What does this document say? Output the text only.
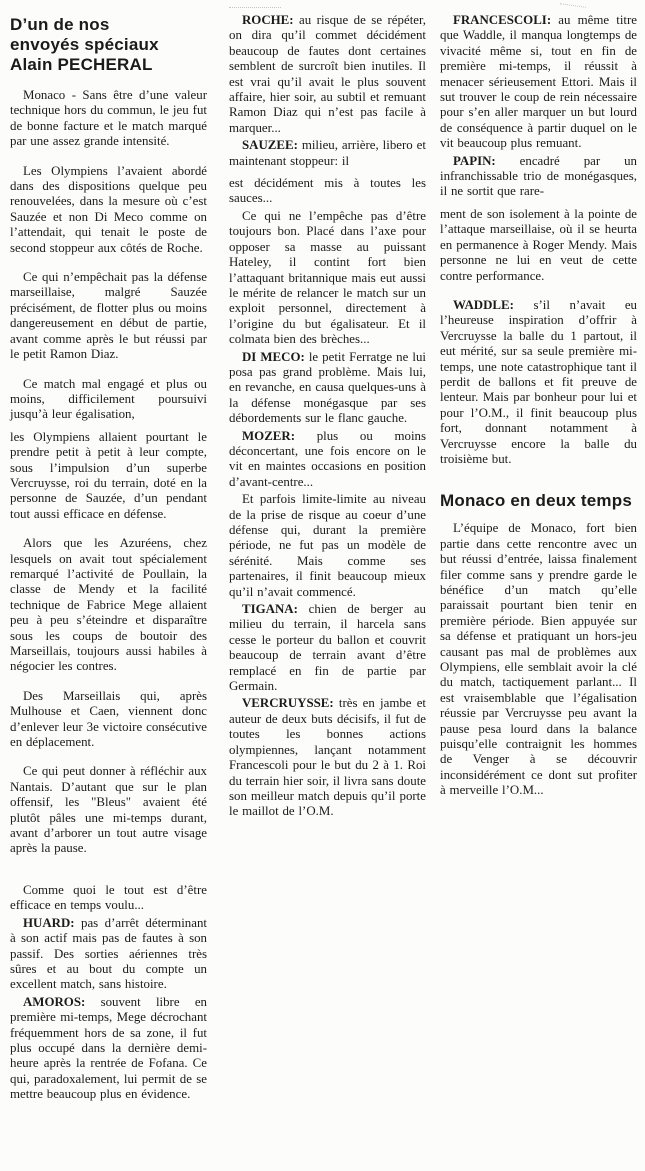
D’un de nos
envoyés spéciaux
Alain PECHERAL

Monaco - Sans être d’une valeur technique hors du commun, le jeu fut de bonne facture et le match marqué par une assez grande intensité.

Les Olympiens l’avaient abordé dans des dispositions quelque peu renouvelées, dans la mesure où c’est Sauzée et non Di Meco comme on l’attendait, qui tenait le poste de second stoppeur aux côtés de Roche.

Ce qui n’empêchait pas la défense marseillaise, malgré Sauzée précisément, de flotter plus ou moins dangereusement en début de partie, avant comme après le but réussi par le petit Ramon Diaz.

Ce match mal engagé et plus ou moins, difficilement poursuivi jusqu’à leur égalisation,

les Olympiens allaient pourtant le prendre petit à petit à leur compte, sous l’impulsion d’un superbe Vercruysse, roi du terrain, doté en la personne de Sauzée, d’un pendant tout aussi efficace en défense.

Alors que les Azuréens, chez lesquels on avait tout spécialement remarqué l’activité de Poullain, la classe de Mendy et la facilité technique de Fabrice Mege allaient peu à peu s’éteindre et disparaître sous les coups de boutoir des Marseillais, toujours aussi habiles à négocier les contres.

Des Marseillais qui, après Mulhouse et Caen, viennent donc d’enlever leur 3e victoire consécutive en déplacement.

Ce qui peut donner à réfléchir aux Nantais. D’autant que sur le plan offensif, les "Bleus" avaient été plutôt pâles une mi-temps durant, avant d’arborer un tout autre visage après la pause.

Comme quoi le tout est d’être efficace en temps voulu...

HUARD: pas d’arrêt déterminant à son actif mais pas de fautes à son passif. Des sorties aériennes très sûres et au bout du compte un excellent match, sans histoire.

AMOROS: souvent libre en première mi-temps, Mege décrochant fréquemment hors de sa zone, il fut plus occupé dans la dernière demi-heure après la rentrée de Fofana. Ce qui, paradoxalement, lui permit de se mettre beaucoup plus en évidence.

ROCHE: au risque de se répéter, on dira qu’il commet décidément beaucoup de fautes dont certaines semblent de surcroît bien inutiles. Il est vrai qu’il avait le plus souvent affaire, hier soir, au subtil et remuant Ramon Diaz qui n’est pas facile à marquer...

SAUZEE: milieu, arrière, libero et maintenant stoppeur: il

est décidément mis à toutes les sauces...

Ce qui ne l’empêche pas d’être toujours bon. Placé dans l’axe pour opposer sa masse au puissant Hateley, il contint fort bien l’attaquant britannique mais eut aussi le mérite de relancer le match sur un exploit personnel, directement à l’origine du but égalisateur. Et il colmata bien des brèches...

DI MECO: le petit Ferratge ne lui posa pas grand problème. Mais lui, en revanche, en causa quelques-uns à la défense monégasque par ses débordements sur le flanc gauche.

MOZER: plus ou moins déconcertant, une fois encore on le vit en maintes occasions en position d’avant-centre...

Et parfois limite-limite au niveau de la prise de risque au coeur d’une défense qui, durant la première période, ne fut pas un modèle de sérénité. Mais comme ses partenaires, il finit beaucoup mieux qu’il n’avait commencé.

TIGANA: chien de berger au milieu du terrain, il harcela sans cesse le porteur du ballon et couvrit beaucoup de terrain avant d’être remplacé en fin de partie par Germain.

VERCRUYSSE: très en jambe et auteur de deux buts décisifs, il fut de toutes les bonnes actions olympiennes, lançant notamment Francescoli pour le but du 2 à 1. Roi du terrain hier soir, il livra sans doute son meilleur match depuis qu’il porte le maillot de l’O.M.

FRANCESCOLI: au même titre que Waddle, il manqua longtemps de vivacité même si, tout en fin de première mi-temps, il réussit à menacer sérieusement Ettori. Mais il sut trouver le coup de rein nécessaire pour s’en aller marquer un but lourd de conséquence à partir duquel on le vit beaucoup plus remuant.

PAPIN: encadré par un infranchissable trio de monégasques, il ne sortit que rare-

ment de son isolement à la pointe de l’attaque marseillaise, où il se heurta en permanence à Roger Mendy. Mais personne ne lui en veut de cette contre performance.

WADDLE: s’il n’avait eu l’heureuse inspiration d’offrir à Vercruysse la balle du 1 partout, il eut mérité, sur sa seule première mi-temps, une note catastrophique tant il perdit de ballons et fit preuve de lenteur. Mais par bonheur pour lui et pour l’O.M., il finit beaucoup plus fort, donnant notamment à Vercruysse encore la balle du troisième but.

Monaco en deux temps

L’équipe de Monaco, fort bien partie dans cette rencontre avec un but réussi d’entrée, laissa finalement filer comme sans y prendre garde le bénéfice d’un match qu’elle paraissait pourtant bien tenir en première période. Bien appuyée sur sa défense et pratiquant un hors-jeu causant pas mal de problèmes aux Olympiens, elle semblait avoir la clé du match, tactiquement parlant... Il est vraisemblable que l’égalisation réussie par Vercruysse peu avant la pause pesa lourd dans la balance puisqu’elle contraignit les hommes de Venger à se découvrir inconsidérément ce dont sut profiter à merveille l’O.M...
